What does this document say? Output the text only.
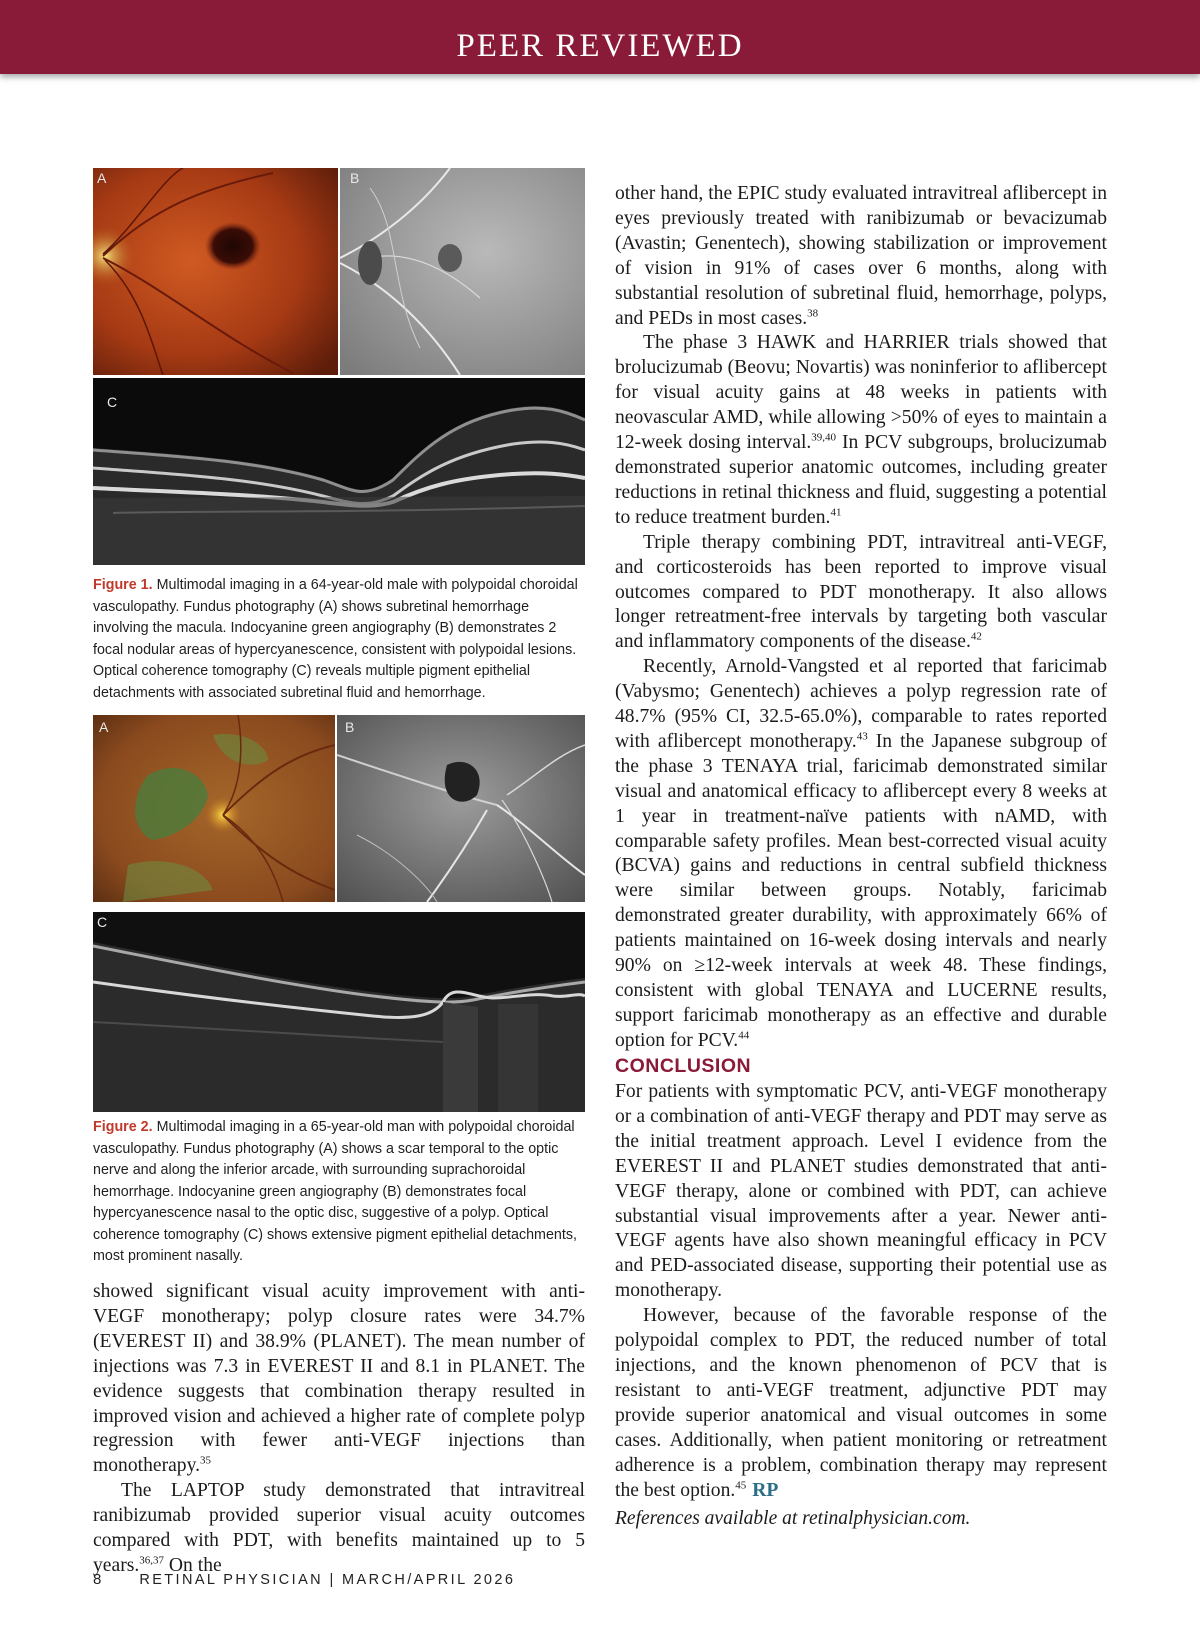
PEER REVIEWED
A	B
C
Figure 1. Multimodal imaging in a 64-year-old male with polypoidal choroidal vasculopathy. Fundus photography (A) shows subretinal hemorrhage involving the macula. Indocyanine green angiography (B) demonstrates 2 focal nodular areas of hypercyanescence, consistent with polypoidal lesions. Optical coherence tomography (C) reveals multiple pigment epithelial detachments with associated subretinal fluid and hemorrhage.
A	B
C
Figure 2. Multimodal imaging in a 65-year-old man with polypoidal choroidal vasculopathy. Fundus photography (A) shows a scar temporal to the optic nerve and along the inferior arcade, with surrounding suprachoroidal hemorrhage. Indocyanine green angiography (B) demonstrates focal hypercyanescence nasal to the optic disc, suggestive of a polyp. Optical coherence tomography (C) shows extensive pigment epithelial detachments, most prominent nasally.

showed significant visual acuity improvement with anti-VEGF monotherapy; polyp closure rates were 34.7% (EVEREST II) and 38.9% (PLANET). The mean number of injections was 7.3 in EVEREST II and 8.1 in PLANET. The evidence suggests that combination therapy resulted in improved vision and achieved a higher rate of complete polyp regression with fewer anti-VEGF injections than monotherapy.$^{35}$

The LAPTOP study demonstrated that intravitreal ranibizumab provided superior visual acuity outcomes compared with PDT, with benefits maintained up to 5 years.$^{36,37}$ On the

other hand, the EPIC study evaluated intravitreal aflibercept in eyes previously treated with ranibizumab or bevacizumab (Avastin; Genentech), showing stabilization or improvement of vision in 91% of cases over 6 months, along with substantial resolution of subretinal fluid, hemorrhage, polyps, and PEDs in most cases.$^{38}$

The phase 3 HAWK and HARRIER trials showed that brolucizumab (Beovu; Novartis) was noninferior to aflibercept for visual acuity gains at 48 weeks in patients with neovascular AMD, while allowing >50% of eyes to maintain a 12-week dosing interval.$^{39,40}$ In PCV subgroups, brolucizumab demonstrated superior anatomic outcomes, including greater reductions in retinal thickness and fluid, suggesting a potential to reduce treatment burden.$^{41}$

Triple therapy combining PDT, intravitreal anti-VEGF, and corticosteroids has been reported to improve visual outcomes compared to PDT monotherapy. It also allows longer retreatment-free intervals by targeting both vascular and inflammatory components of the disease.$^{42}$

Recently, Arnold-Vangsted et al reported that faricimab (Vabysmo; Genentech) achieves a polyp regression rate of 48.7% (95% CI, 32.5-65.0%), comparable to rates reported with aflibercept monotherapy.$^{43}$ In the Japanese subgroup of the phase 3 TENAYA trial, faricimab demonstrated similar visual and anatomical efficacy to aflibercept every 8 weeks at 1 year in treatment-naïve patients with nAMD, with comparable safety profiles. Mean best-corrected visual acuity (BCVA) gains and reductions in central subfield thickness were similar between groups. Notably, faricimab demonstrated greater durability, with approximately 66% of patients maintained on 16-week dosing intervals and nearly 90% on ≥12-week intervals at week 48. These findings, consistent with global TENAYA and LUCERNE results, support faricimab monotherapy as an effective and durable option for PCV.$^{44}$

CONCLUSION

For patients with symptomatic PCV, anti-VEGF monotherapy or a combination of anti-VEGF therapy and PDT may serve as the initial treatment approach. Level I evidence from the EVEREST II and PLANET studies demonstrated that anti-VEGF therapy, alone or combined with PDT, can achieve substantial visual improvements after a year. Newer anti-VEGF agents have also shown meaningful efficacy in PCV and PED-associated disease, supporting their potential use as monotherapy.

However, because of the favorable response of the polypoidal complex to PDT, the reduced number of total injections, and the known phenomenon of PCV that is resistant to anti-VEGF treatment, adjunctive PDT may provide superior anatomical and visual outcomes in some cases. Additionally, when patient monitoring or retreatment adherence is a problem, combination therapy may represent the best option.$^{45}$ RP

References available at retinalphysician.com.
8	RETINAL PHYSICIAN | MARCH/APRIL 2026
